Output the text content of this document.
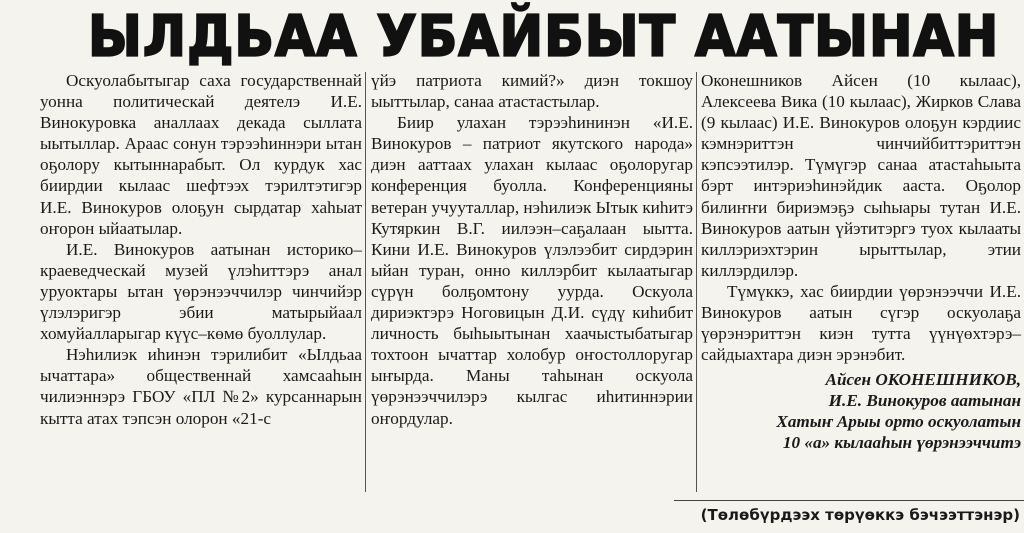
ЫЛДЬАА УБАЙБЫТ ААТЫНАН

Оскуолабытыгар саха государственнай уонна политическай деятелэ И.Е. Винокуровка аналлаах декада сыллата ыытыллар. Араас сонун тэрээһиннэри ытан оҕолору кытыннарабыт. Ол курдук хас биирдии кылаас шефтээх тэрилтэтигэр И.Е. Винокуров олоҕун сырдатар хаһыат оҥорон ыйаатылар.

И.Е. Винокуров аатынан историко–краеведческай музей үлэһиттэрэ анал уруоктары ытан үөрэнээччилэр чинчийэр үлэлэригэр эбии матырыйаал хомуйалларыгар күүс–көмө буоллулар.

Нэһилиэк иһинэн тэрилибит «Ылдьаа ычаттара» общественнай хамсааһын чилиэннэрэ ГБОУ «ПЛ №2» курсаннарын кытта атах тэпсэн олорон «21-с

үйэ патриота кимий?» диэн токшоу ыыттылар, санаа атастастылар.

Биир улахан тэрээһининэн «И.Е. Винокуров – патриот якутского народа» диэн ааттаах улахан кылаас оҕолоругар конференция буолла. Конференцияны ветеран учууталлар, нэһилиэк Ытык киһитэ Кутяркин В.Г. иилээн–саҕалаан ыытта. Кини И.Е. Винокуров үлэлээбит сирдэрин ыйан туран, онно киллэрбит кылаатыгар сүрүн болҕомтону уурда. Оскуола дириэктэрэ Ноговицын Д.И. сүдү киһибит личность быһыытынан хаачыстыбатыгар тохтоон ычаттар холобур оҥостоллоругар ыҥырда. Маны таһынан оскуола үөрэнээччилэрэ кылгас иһитиннэрии оҥордулар.

Оконешников Айсен (10 кылаас), Алексеева Вика (10 кылаас), Жирков Слава (9 кылаас) И.Е. Винокуров олоҕун кэрдиис кэмнэриттэн чинчийбиттэриттэн кэпсээтилэр. Түмүгэр санаа атастаһыыта бэрт интэриэһинэйдик ааста. Оҕолор билиҥҥи бириэмэҕэ сыһыары тутан И.Е. Винокуров аатын үйэтитэргэ туох кылааты киллэриэхтэрин ырыттылар, этии киллэрдилэр.

Түмүккэ, хас биирдии үөрэнээччи И.Е. Винокуров аатын сүгэр оскуолаҕа үөрэнэриттэн киэн тутта үүнүөхтэрэ–сайдыахтара диэн эрэнэбит.

Айсен ОКОНЕШНИКОВ,
И.Е. Винокуров аатынан
Хатыҥ Арыы орто оскуолатын
10 «а» кылааһын үөрэнээччитэ
(Төлөбүрдээх төрүөккэ бэчээттэнэр)
